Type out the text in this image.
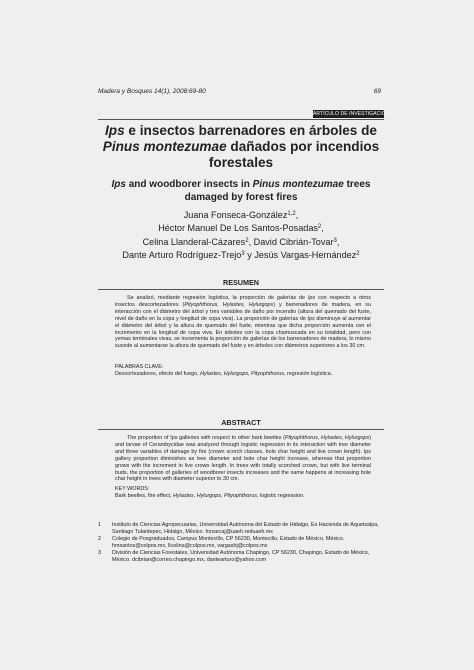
Madera y Bosques 14(1), 2008:69-80	69

ARTÍCULO DE INVESTIGACIÓN
Ips e insectos barrenadores en árboles de Pinus montezumae dañados por incendios forestales
Ips and woodborer insects in Pinus montezumae trees damaged by forest fires
Juana Fonseca-González$^{1,2}$,
Héctor Manuel De Los Santos-Posadas$^2$,
Celina Llanderal-Cázares$^2$, David Cibrián-Tovar$^3$,
Dante Arturo Rodríguez-Trejo$^3$ y Jesús Vargas-Hernández$^2$
RESUMEN

Se analizó, mediante regresión logística, la proporción de galerías de Ips con respecto a otros insectos descortezadores (Pityophthorus, Hylastes, Hylurgops) y barrenadores de madera, en su interacción con el diámetro del árbol y tres variables de daño por incendio (altura del quemado del fuste, nivel de daño en la copa y longitud de copa viva). La proporción de galerías de Ips disminuye al aumentar el diámetro del árbol y la altura de quemado del fuste, mientras que dicha proporción aumenta con el incremento en la longitud de copa viva. En árboles con la copa chamuscada en su totalidad, pero con yemas terminales vivas, se incrementa la proporción de galerías de los barrenadores de madera, lo mismo sucede al aumentarse la altura de quemado del fuste y en árboles con diámetros superiores a los 30 cm.

PALABRAS CLAVE:
Descortezadores, efecto del fuego, Hylastes, Hylurgops, Pityophthorus, regresión logística.
ABSTRACT

The proportion of Ips galleries with respect to other bark beetles (Pityophthorus, Hylastes, Hylurgops) and larvae of Cerambycidae was analyzed through logistic regression in its interaction with tree diameter and three variables of damage by fire (crown scorch classes, bole char height and live crown length). Ips gallery proportion diminishes as tree diameter and bole char height increase, whereas that proportion grows with the increment in live crown length. In trees with totally scorched crown, but with live terminal buds, the proportion of galleries of woodborer insects increases and the same happens at increasing bole char height in trees with diameter superior to 30 cm.

KEY WORDS:
Bark beetles, fire effect, Hylastes, Hylurgops, Pityophthorus, logistic regression.
1	Instituto de Ciencias Agropecuarias, Universidad Autónoma del Estado de Hidalgo, Ex Hacienda de Aquetzalpa, Santiago Tulantepec, Hidalgo, México. fonsecaj@uaeh.reduaeh.mx
2	Colegio de Posgraduados, Campus Montecillo, CP 56230, Montecillo, Estado de México, México. hmsantos@colpos.mx, llcelina@colpos.mx, vargashj@colpos.mx
3	División de Ciencias Forestales, Universidad Autónoma Chapingo, CP 56230, Chapingo, Estado de México, México. dcibrian@correo.chapingo.mx, dantearturo@yahoo.com
